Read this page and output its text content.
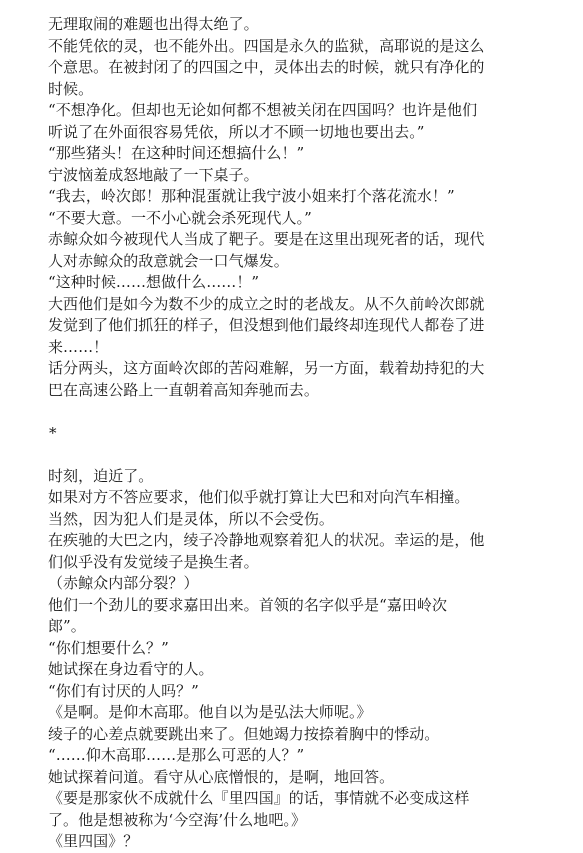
无理取闹的难题也出得太绝了。
不能凭依的灵，也不能外出。四国是永久的监狱，高耶说的是这么
个意思。在被封闭了的四国之中，灵体出去的时候，就只有净化的
时候。
“不想净化。但却也无论如何都不想被关闭在四国吗？也许是他们
听说了在外面很容易凭依，所以才不顾一切地也要出去。”
“那些猪头！在这种时间还想搞什么！”
宁波恼羞成怒地敲了一下桌子。
“我去，岭次郎！那种混蛋就让我宁波小姐来打个落花流水！”
“不要大意。一不小心就会杀死现代人。”
赤鲸众如今被现代人当成了靶子。要是在这里出现死者的话，现代
人对赤鲸众的敌意就会一口气爆发。
“这种时候……想做什么……！”
大西他们是如今为数不少的成立之时的老战友。从不久前岭次郎就
发觉到了他们抓狂的样子，但没想到他们最终却连现代人都卷了进
来……！
话分两头，这方面岭次郎的苦闷难解，另一方面，载着劫持犯的大
巴在高速公路上一直朝着高知奔驰而去。
*
时刻，迫近了。
如果对方不答应要求，他们似乎就打算让大巴和对向汽车相撞。
当然，因为犯人们是灵体，所以不会受伤。
在疾驰的大巴之内，绫子冷静地观察着犯人的状况。幸运的是，他
们似乎没有发觉绫子是换生者。
（赤鲸众内部分裂？）
他们一个劲儿的要求嘉田出来。首领的名字似乎是“嘉田岭次
郎”。
“你们想要什么？”
她试探在身边看守的人。
“你们有讨厌的人吗？”
《是啊。是仰木高耶。他自以为是弘法大师呢。》
绫子的心差点就要跳出来了。但她竭力按捺着胸中的悸动。
“……仰木高耶……是那么可恶的人？”
她试探着问道。看守从心底憎恨的，是啊，地回答。
《要是那家伙不成就什么『里四国』的话，事情就不必变成这样
了。他是想被称为‘今空海’什么地吧。》
《里四国》？
